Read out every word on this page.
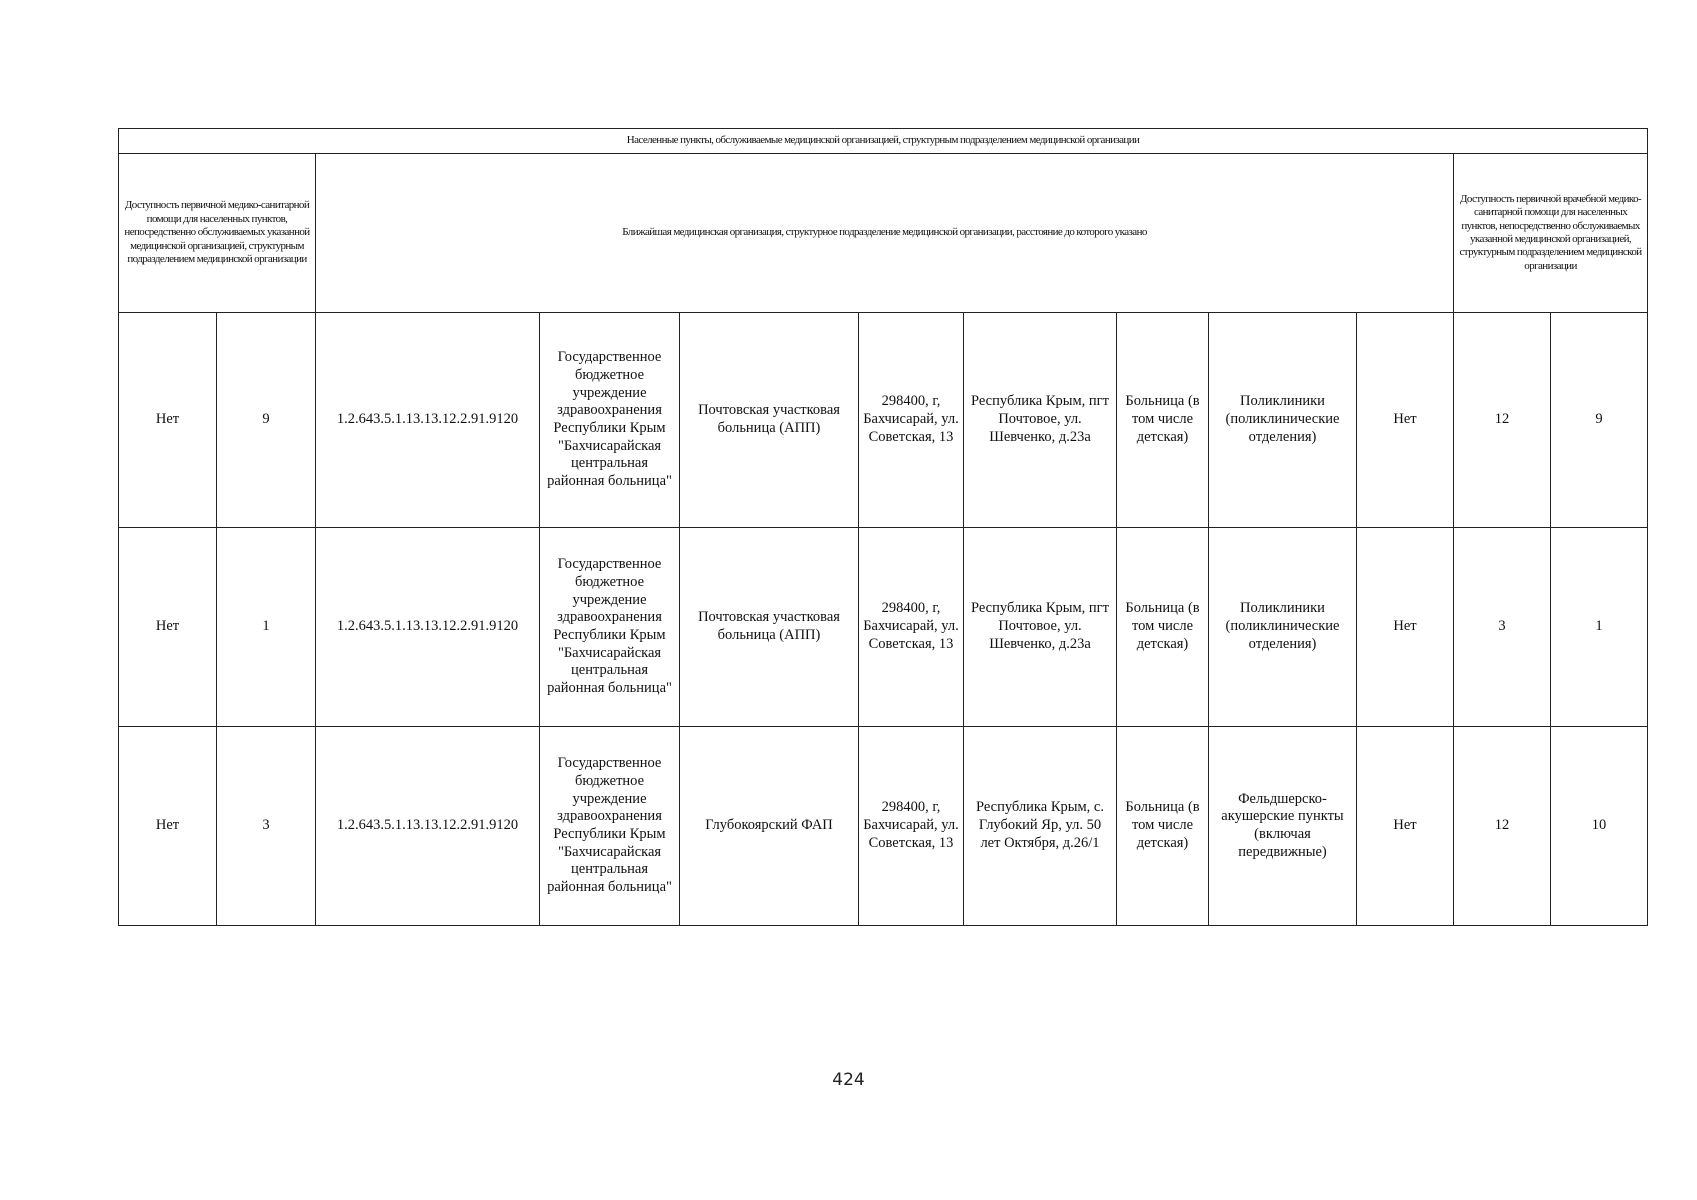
Населенные пункты, обслуживаемые медицинской организацией, структурным подразделением медицинской организации											
Доступность первичной медико-санитарной помощи для населенных пунктов, непосредственно обслуживаемых указанной медицинской организацией, структурным подразделением медицинской организации		Ближайшая медицинская организация, структурное подразделение медицинской организации, расстояние до которого указано								Доступность первичной врачебной медико-санитарной помощи для населенных пунктов, непосредственно обслуживаемых указанной медицинской организацией, структурным подразделением медицинской организации	
Нет	9	1.2.643.5.1.13.13.12.2.91.9120	Государственное бюджетное учреждение здравоохранения Республики Крым "Бахчисарайская центральная районная больница"	Почтовская участковая больница (АПП)	298400, г, Бахчисарай, ул. Советская, 13	Республика Крым, пгт Почтовое, ул. Шевченко, д.23а	Больница (в том числе детская)	Поликлиники (поликлинические отделения)	Нет	12	9
Нет	1	1.2.643.5.1.13.13.12.2.91.9120	Государственное бюджетное учреждение здравоохранения Республики Крым "Бахчисарайская центральная районная больница"	Почтовская участковая больница (АПП)	298400, г, Бахчисарай, ул. Советская, 13	Республика Крым, пгт Почтовое, ул. Шевченко, д.23а	Больница (в том числе детская)	Поликлиники (поликлинические отделения)	Нет	3	1
Нет	3	1.2.643.5.1.13.13.12.2.91.9120	Государственное бюджетное учреждение здравоохранения Республики Крым "Бахчисарайская центральная районная больница"	Глубокоярский ФАП	298400, г, Бахчисарай, ул. Советская, 13	Республика Крым, с. Глубокий Яр, ул. 50 лет Октября, д.26/1	Больница (в том числе детская)	Фельдшерско-акушерские пункты (включая передвижные)	Нет	12	10
424
